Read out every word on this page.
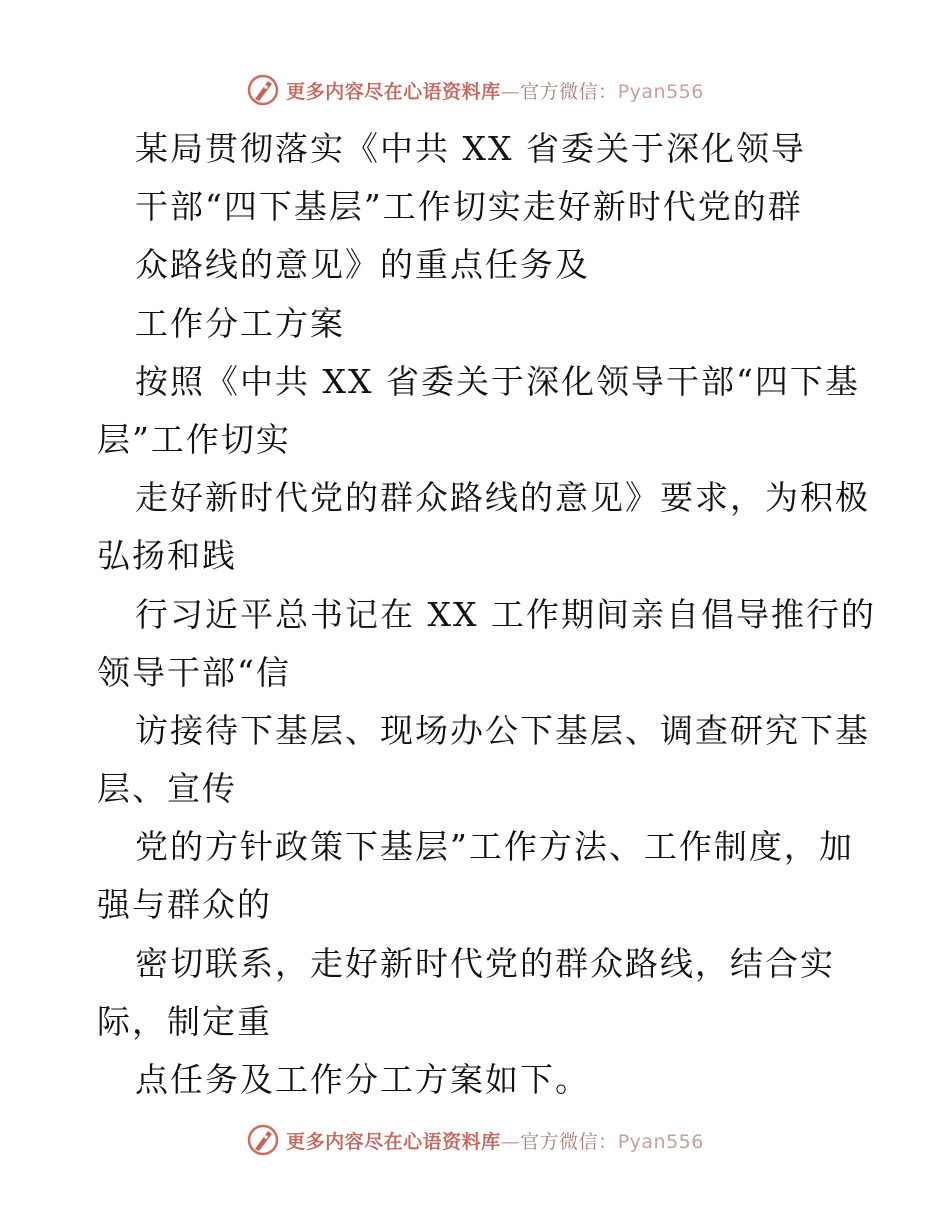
更多内容尽在心语资料库—官方微信：Pyan556
某局贯彻落实《中共 XX 省委关于深化领导
干部“四下基层”工作切实走好新时代党的群
众路线的意见》的重点任务及
工作分工方案
按照《中共 XX 省委关于深化领导干部“四下基
层”工作切实
走好新时代党的群众路线的意见》要求，为积极
弘扬和践
行习近平总书记在 XX 工作期间亲自倡导推行的
领导干部“信
访接待下基层、现场办公下基层、调查研究下基
层、宣传
党的方针政策下基层”工作方法、工作制度，加
强与群众的
密切联系，走好新时代党的群众路线，结合实
际，制定重
点任务及工作分工方案如下。
更多内容尽在心语资料库—官方微信：Pyan556
